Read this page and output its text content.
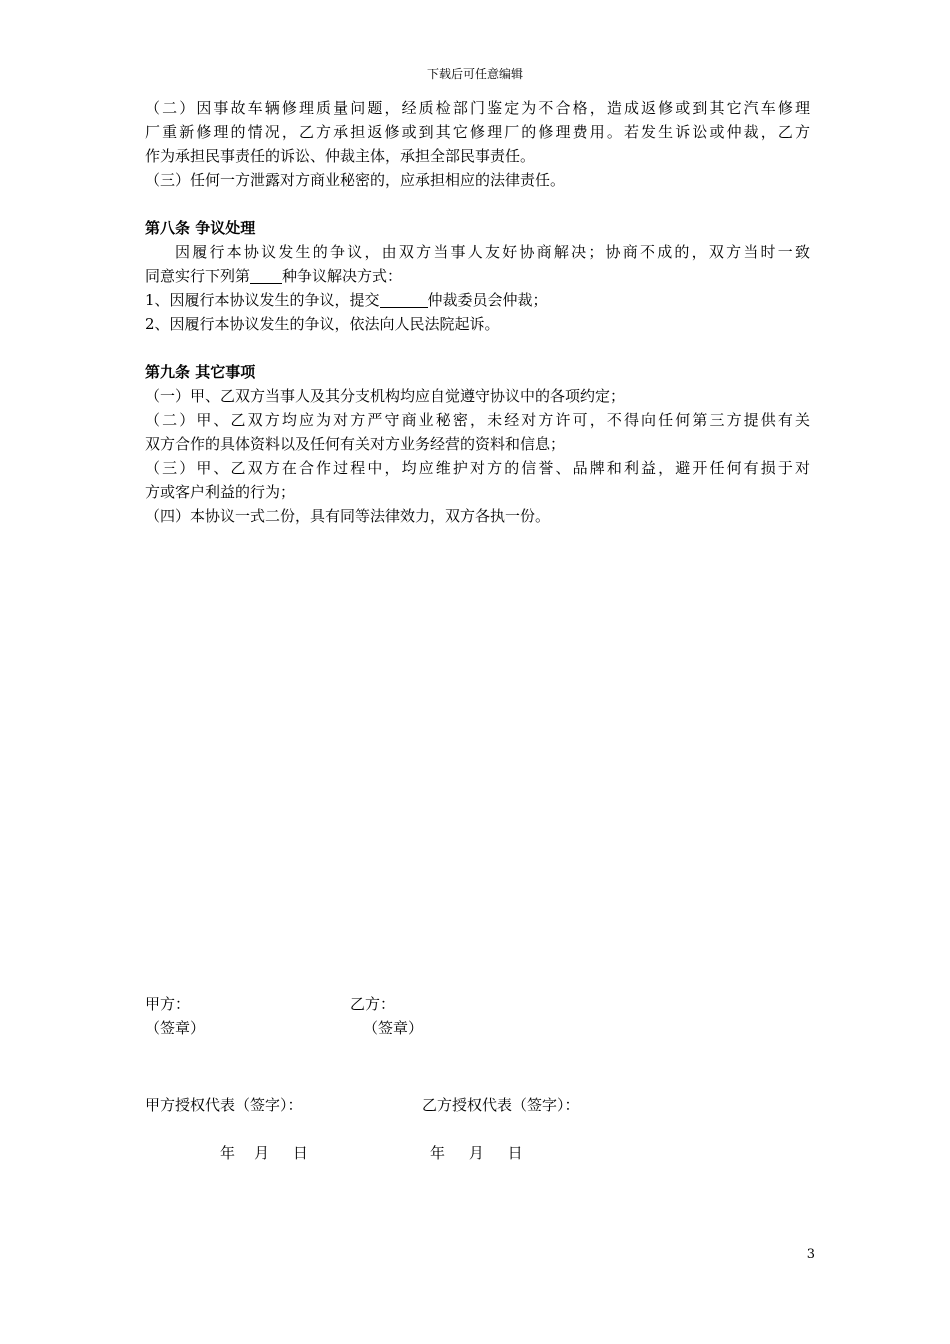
下载后可任意编辑
（二）因事故车辆修理质量问题，经质检部门鉴定为不合格，造成返修或到其它汽车修理
厂重新修理的情况，乙方承担返修或到其它修理厂的修理费用。若发生诉讼或仲裁，乙方
作为承担民事责任的诉讼、仲裁主体，承担全部民事责任。
（三）任何一方泄露对方商业秘密的，应承担相应的法律责任。
第八条 争议处理
因履行本协议发生的争议，由双方当事人友好协商解决；协商不成的，双方当时一致
同意实行下列第 种争议解决方式：
1、因履行本协议发生的争议，提交	仲裁委员会仲裁；
2、因履行本协议发生的争议，依法向人民法院起诉。
第九条 其它事项
（一）甲、乙双方当事人及其分支机构均应自觉遵守协议中的各项约定；
（二）甲、乙双方均应为对方严守商业秘密，未经对方许可，不得向任何第三方提供有关
双方合作的具体资料以及任何有关对方业务经营的资料和信息；
（三）甲、乙双方在合作过程中，均应维护对方的信誉、品牌和利益，避开任何有损于对
方或客户利益的行为；
（四）本协议一式二份，具有同等法律效力，双方各执一份。
甲方：	乙方：
（签章）	（签章）
甲方授权代表（签字）：	乙方授权代表（签字）：
年    月     日	年     月     日
3
